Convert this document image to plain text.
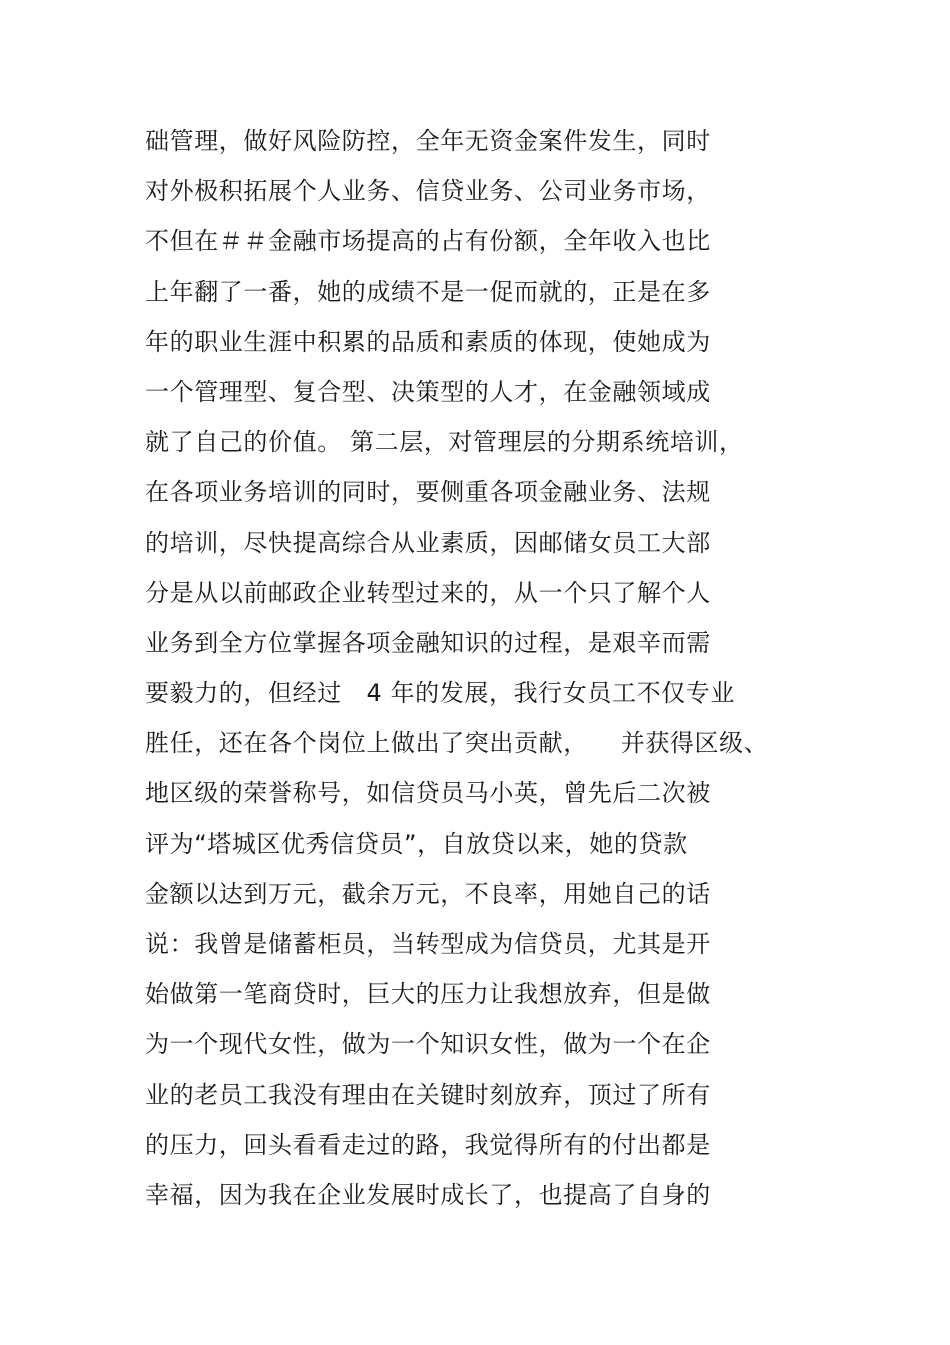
础管理，做好风险防控，全年无资金案件发生，同时
对外极积拓展个人业务、信贷业务、公司业务市场，
不但在＃＃金融市场提高的占有份额，全年收入也比
上年翻了一番，她的成绩不是一促而就的，正是在多
年的职业生涯中积累的品质和素质的体现，使她成为
一个管理型、复合型、决策型的人才，在金融领域成
就了自己的价值。 第二层，对管理层的分期系统培训，
在各项业务培训的同时，要侧重各项金融业务、法规
的培训，尽快提高综合从业素质，因邮储女员工大部
分是从以前邮政企业转型过来的，从一个只了解个人
业务到全方位掌握各项金融知识的过程，是艰辛而需
要毅力的，但经过   4 年的发展，我行女员工不仅专业
胜任，还在各个岗位上做出了突出贡献，    并获得区级、
地区级的荣誉称号，如信贷员马小英，曾先后二次被
评为“塔城区优秀信贷员”，自放贷以来，她的贷款
金额以达到万元，截余万元，不良率，用她自己的话
说：我曾是储蓄柜员，当转型成为信贷员，尤其是开
始做第一笔商贷时，巨大的压力让我想放弃，但是做
为一个现代女性，做为一个知识女性，做为一个在企
业的老员工我没有理由在关键时刻放弃，顶过了所有
的压力，回头看看走过的路，我觉得所有的付出都是
幸福，因为我在企业发展时成长了，也提高了自身的
